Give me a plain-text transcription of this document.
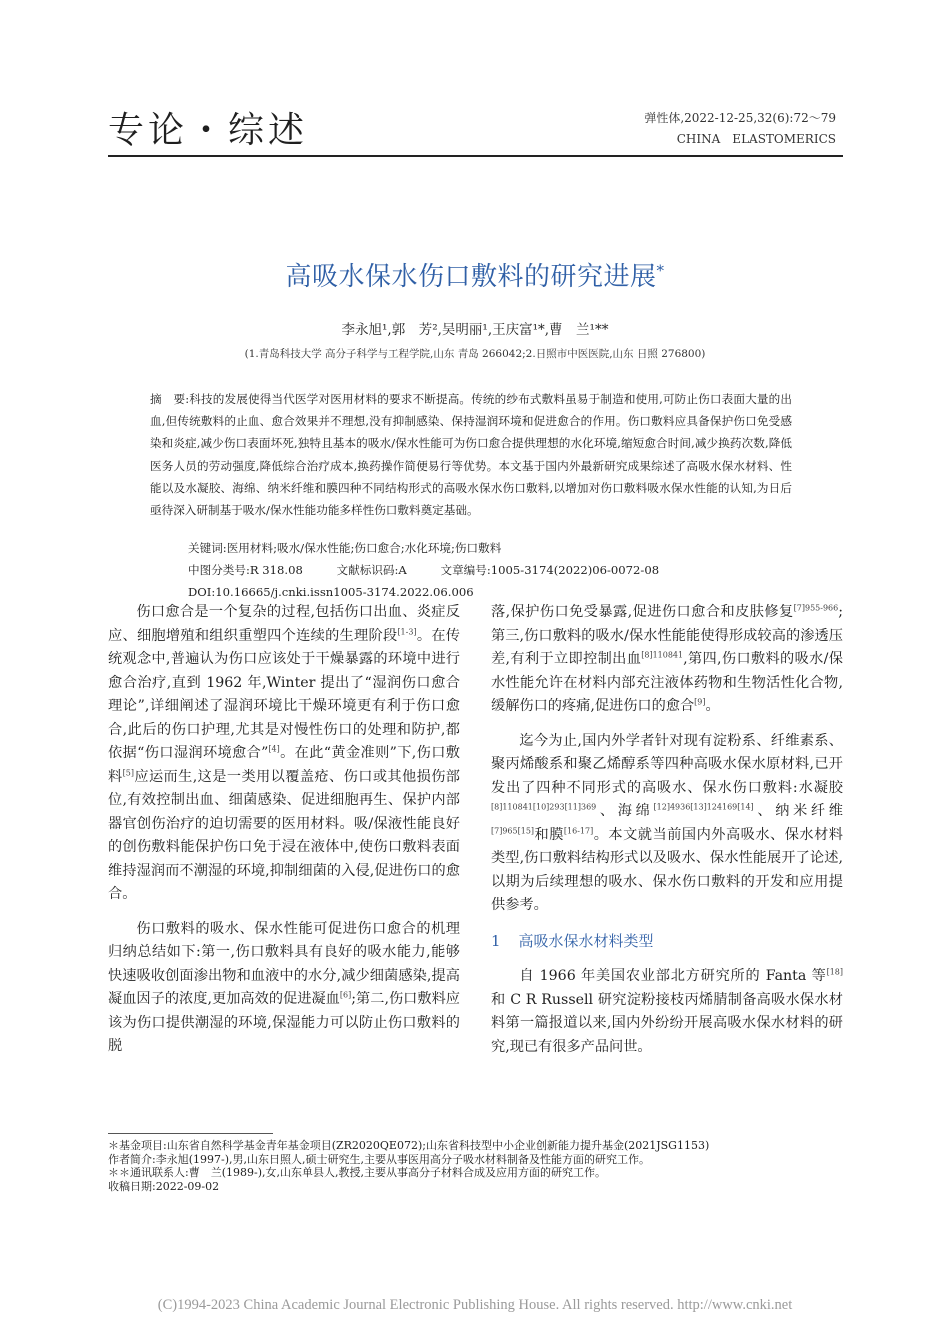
专论・综述	弹性体,2022-12-25,32(6):72～79
CHINA　ELASTOMERICS
高吸水保水伤口敷料的研究进展*
李永旭¹,郭　芳²,吴明丽¹,王庆富¹*,曹　兰¹**
(1.青岛科技大学 高分子科学与工程学院,山东 青岛 266042;2.日照市中医医院,山东 日照 276800)
摘　要:科技的发展使得当代医学对医用材料的要求不断提高。传统的纱布式敷料虽易于制造和使用,可防止伤口表面大量的出血,但传统敷料的止血、愈合效果并不理想,没有抑制感染、保持湿润环境和促进愈合的作用。伤口敷料应具备保护伤口免受感染和炎症,减少伤口表面坏死,独特且基本的吸水/保水性能可为伤口愈合提供理想的水化环境,缩短愈合时间,减少换药次数,降低医务人员的劳动强度,降低综合治疗成本,换药操作简便易行等优势。本文基于国内外最新研究成果综述了高吸水保水材料、性能以及水凝胶、海绵、纳米纤维和膜四种不同结构形式的高吸水保水伤口敷料,以增加对伤口敷料吸水保水性能的认知,为日后亟待深入研制基于吸水/保水性能功能多样性伤口敷料奠定基础。
关键词:医用材料;吸水/保水性能;伤口愈合;水化环境;伤口敷料
中图分类号:R 318.08	文献标识码:A	文章编号:1005-3174(2022)06-0072-08
DOI:10.16665/j.cnki.issn1005-3174.2022.06.006

伤口愈合是一个复杂的过程,包括伤口出血、炎症反应、细胞增殖和组织重塑四个连续的生理阶段[1-3]。在传统观念中,普遍认为伤口应该处于干燥暴露的环境中进行愈合治疗,直到 1962 年,Winter 提出了“湿润伤口愈合理论”,详细阐述了湿润环境比干燥环境更有利于伤口愈合,此后的伤口护理,尤其是对慢性伤口的处理和防护,都依据“伤口湿润环境愈合”[4]。在此“黄金准则”下,伤口敷料[5]应运而生,这是一类用以覆盖疮、伤口或其他损伤部位,有效控制出血、细菌感染、促进细胞再生、保护内部器官创伤治疗的迫切需要的医用材料。吸/保液性能良好的创伤敷料能保护伤口免于浸在液体中,使伤口敷料表面维持湿润而不潮湿的环境,抑制细菌的入侵,促进伤口的愈合。

伤口敷料的吸水、保水性能可促进伤口愈合的机理归纳总结如下:第一,伤口敷料具有良好的吸水能力,能够快速吸收创面渗出物和血液中的水分,减少细菌感染,提高凝血因子的浓度,更加高效的促进凝血[6];第二,伤口敷料应该为伤口提供潮湿的环境,保湿能力可以防止伤口敷料的脱

落,保护伤口免受暴露,促进伤口愈合和皮肤修复$^{[7]955-966}$;第三,伤口敷料的吸水/保水性能能使得形成较高的渗透压差,有利于立即控制出血$^{[8]110841}$,第四,伤口敷料的吸水/保水性能允许在材料内部充注液体药物和生物活性化合物,缓解伤口的疼痛,促进伤口的愈合[9]。

迄今为止,国内外学者针对现有淀粉系、纤维素系、聚丙烯酸系和聚乙烯醇系等四种高吸水保水原材料,已开发出了四种不同形式的高吸水、保水伤口敷料:水凝胶$^{[8]110841[10]293[11]369}$、海绵[12]4936[13]124169[14]、纳米纤维[7]965[15]和膜[16-17]。本文就当前国内外高吸水、保水材料类型,伤口敷料结构形式以及吸水、保水性能展开了论述,以期为后续理想的吸水、保水伤口敷料的开发和应用提供参考。

1 高吸水保水材料类型

自 1966 年美国农业部北方研究所的 Fanta 等[18]和 C R Russell 研究淀粉接枝丙烯腈制备高吸水保水材料第一篇报道以来,国内外纷纷开展高吸水保水材料的研究,现已有很多产品问世。

＊基金项目:山东省自然科学基金青年基金项目(ZR2020QE072);山东省科技型中小企业创新能力提升基金(2021JSG1153)
作者简介:李永旭(1997-),男,山东日照人,硕士研究生,主要从事医用高分子吸水材料制备及性能方面的研究工作。
＊＊通讯联系人:曹　兰(1989-),女,山东单县人,教授,主要从事高分子材料合成及应用方面的研究工作。
收稿日期:2022-09-02
(C)1994-2023 China Academic Journal Electronic Publishing House. All rights reserved. http://www.cnki.net
